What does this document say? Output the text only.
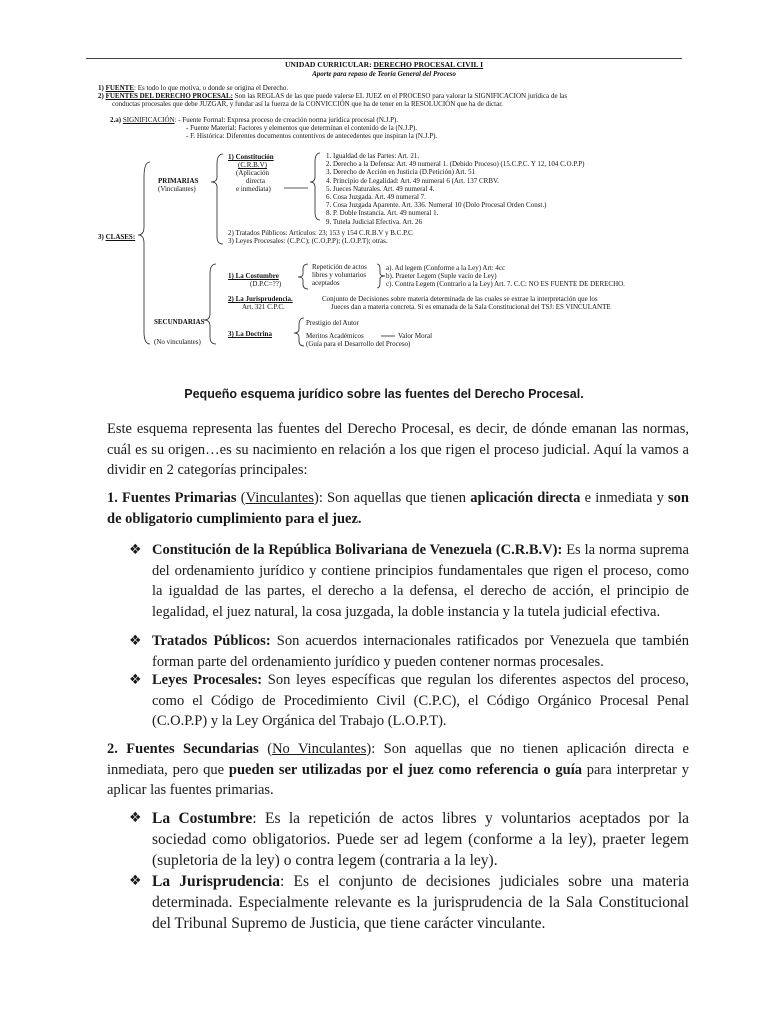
UNIDAD CURRICULAR: DERECHO PROCESAL CIVIL I
Aporte para repaso de Teoría General del Proceso
1) FUENTE: Es todo lo que motiva, o donde se origina el Derecho.
2) FUENTES DEL DERECHO PROCESAL: Son las REGLAS de las que puede valerse EL JUEZ en el PROCESO para valorar la SIGNIFICACION jurídica de las
conductas procesales que debe JUZGAR, y fundar así la fuerza de la CONVICCIÓN que ha de tener en la RESOLUCIÓN que ha de dictar.
2.a) SIGNIFICACIÓN: - Fuente Formal: Expresa proceso de creación norma jurídica procesal (N.J.P).
- Fuente Material: Factores y elementos que determinan el contenido de la (N.J.P).
- F. Histórica: Diferentes documentos contentivos de antecedentes que inspiran la (N.J.P).
1) Constitución
(C.R.B.V)
(Aplicación
directa
e inmediata)
PRIMARIAS
(Vinculantes)
3) CLASES:	2) Tratados Públicos: Artículos: 23; 153 y 154 C.R.B.V y B.C.P.C
3) Leyes Procesales: (C.P.C); (C.O.P.P); (L.O.P.T); otras.
1) La Costumbre
(D.P.C=??)
Repetición de actos
libres y voluntarios
aceptados
a). Ad legem (Conforme a la Ley) Art: 4cc
b). Praeter Legem (Suple vacío de Ley)
c). Contra Legem (Contrario a la Ley) Art. 7. C.C: NO ES FUENTE DE DERECHO.
2) La Jurisprudencia.
Art. 321 C.P.C.
Conjunto de Decisiones sobre materia determinada de las cuales se extrae la interpretación que los
Jueces dan a materia concreta. Si es emanada de la Sala Constitucional del TSJ: ES VINCULANTE
SECUNDARIAS
(No vinculantes)
3) La Doctrina
Prestigio del Autor
Meritos Académicos	Valor Moral
(Guía para el Desarrollo del Proceso)
1. Igualdad de las Partes: Art. 21.
2. Derecho a la Defensa: Art. 49 numeral 1. (Debido Proceso) (15.C.P.C. Y 12, 104 C.O.P.P)
3. Derecho de Acción en Justicia (D.Petición) Art. 51
4. Principio de Legalidad: Art. 49 numeral 6 (Art. 137 CRBV.
5. Jueces Naturales. Art. 49 numeral 4.
6. Cosa Juzgada. Art. 49 numeral 7.
7. Cosa Juzgada Aparente. Art. 336. Numeral 10 (Dolo Procesal Orden Const.)
8. P. Doble Instancia. Art. 49 numeral 1.
9. Tutela Judicial Efectiva. Art. 26
Pequeño esquema jurídico sobre las fuentes del Derecho Procesal.
Este esquema representa las fuentes del Derecho Procesal, es decir, de dónde emanan las normas, cuál es su origen…es su nacimiento en relación a los que rigen el proceso judicial. Aquí la vamos a dividir en 2 categorías principales:
1. Fuentes Primarias (Vinculantes): Son aquellas que tienen aplicación directa e inmediata y son de obligatorio cumplimiento para el juez.
❖ Constitución de la República Bolivariana de Venezuela (C.R.B.V): Es la norma suprema del ordenamiento jurídico y contiene principios fundamentales que rigen el proceso, como la igualdad de las partes, el derecho a la defensa, el derecho de acción, el principio de legalidad, el juez natural, la cosa juzgada, la doble instancia y la tutela judicial efectiva.
❖ Tratados Públicos: Son acuerdos internacionales ratificados por Venezuela que también forman parte del ordenamiento jurídico y pueden contener normas procesales.
❖ Leyes Procesales: Son leyes específicas que regulan los diferentes aspectos del proceso, como el Código de Procedimiento Civil (C.P.C), el Código Orgánico Procesal Penal (C.O.P.P) y la Ley Orgánica del Trabajo (L.O.P.T).
2. Fuentes Secundarias (No Vinculantes): Son aquellas que no tienen aplicación directa e inmediata, pero que pueden ser utilizadas por el juez como referencia o guía para interpretar y aplicar las fuentes primarias.
❖ La Costumbre: Es la repetición de actos libres y voluntarios aceptados por la sociedad como obligatorios. Puede ser ad legem (conforme a la ley), praeter legem (supletoria de la ley) o contra legem (contraria a la ley).
❖ La Jurisprudencia: Es el conjunto de decisiones judiciales sobre una materia determinada. Especialmente relevante es la jurisprudencia de la Sala Constitucional del Tribunal Supremo de Justicia, que tiene carácter vinculante.
